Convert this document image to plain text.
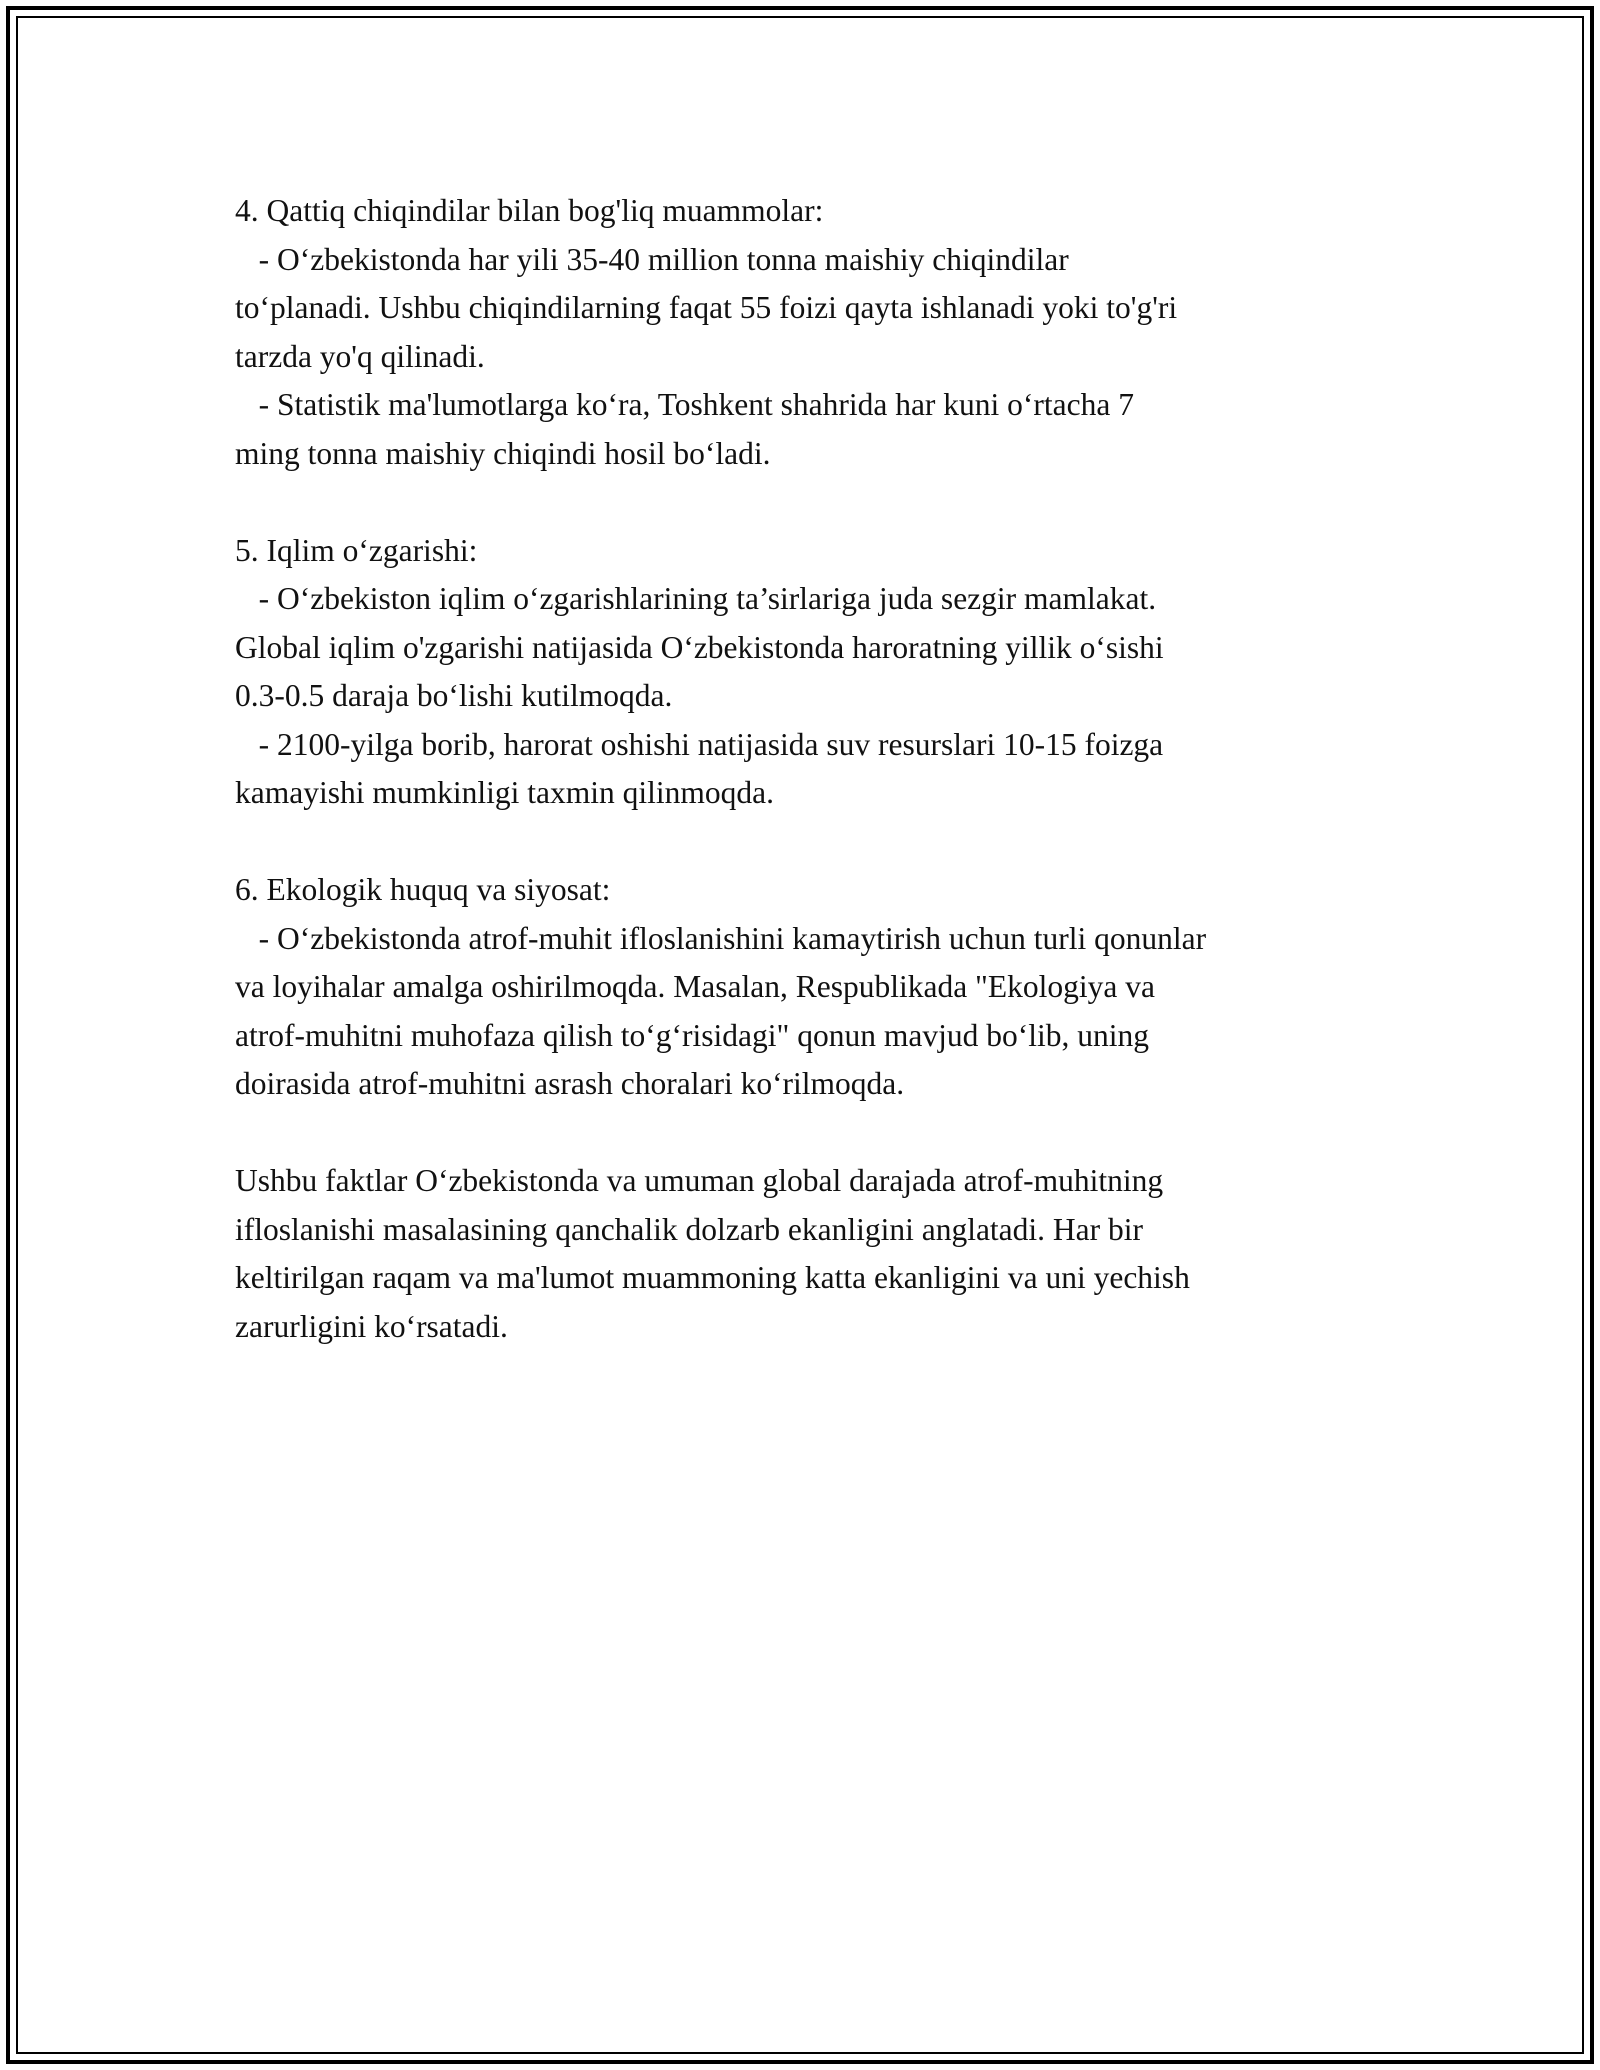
4. Qattiq chiqindilar bilan bog'liq muammolar:
- O‘zbekistonda har yili 35-40 million tonna maishiy chiqindilar
to‘planadi. Ushbu chiqindilarning faqat 55 foizi qayta ishlanadi yoki to'g'ri
tarzda yo'q qilinadi.
- Statistik ma'lumotlarga ko‘ra, Toshkent shahrida har kuni o‘rtacha 7
ming tonna maishiy chiqindi hosil bo‘ladi.
5. Iqlim o‘zgarishi:
- O‘zbekiston iqlim o‘zgarishlarining ta’sirlariga juda sezgir mamlakat.
Global iqlim o'zgarishi natijasida O‘zbekistonda haroratning yillik o‘sishi
0.3-0.5 daraja bo‘lishi kutilmoqda.
- 2100-yilga borib, harorat oshishi natijasida suv resurslari 10-15 foizga
kamayishi mumkinligi taxmin qilinmoqda.
6. Ekologik huquq va siyosat:
- O‘zbekistonda atrof-muhit ifloslanishini kamaytirish uchun turli qonunlar
va loyihalar amalga oshirilmoqda. Masalan, Respublikada "Ekologiya va
atrof-muhitni muhofaza qilish to‘g‘risidagi" qonun mavjud bo‘lib, uning
doirasida atrof-muhitni asrash choralari ko‘rilmoqda.
Ushbu faktlar O‘zbekistonda va umuman global darajada atrof-muhitning
ifloslanishi masalasining qanchalik dolzarb ekanligini anglatadi. Har bir
keltirilgan raqam va ma'lumot muammoning katta ekanligini va uni yechish
zarurligini ko‘rsatadi.
